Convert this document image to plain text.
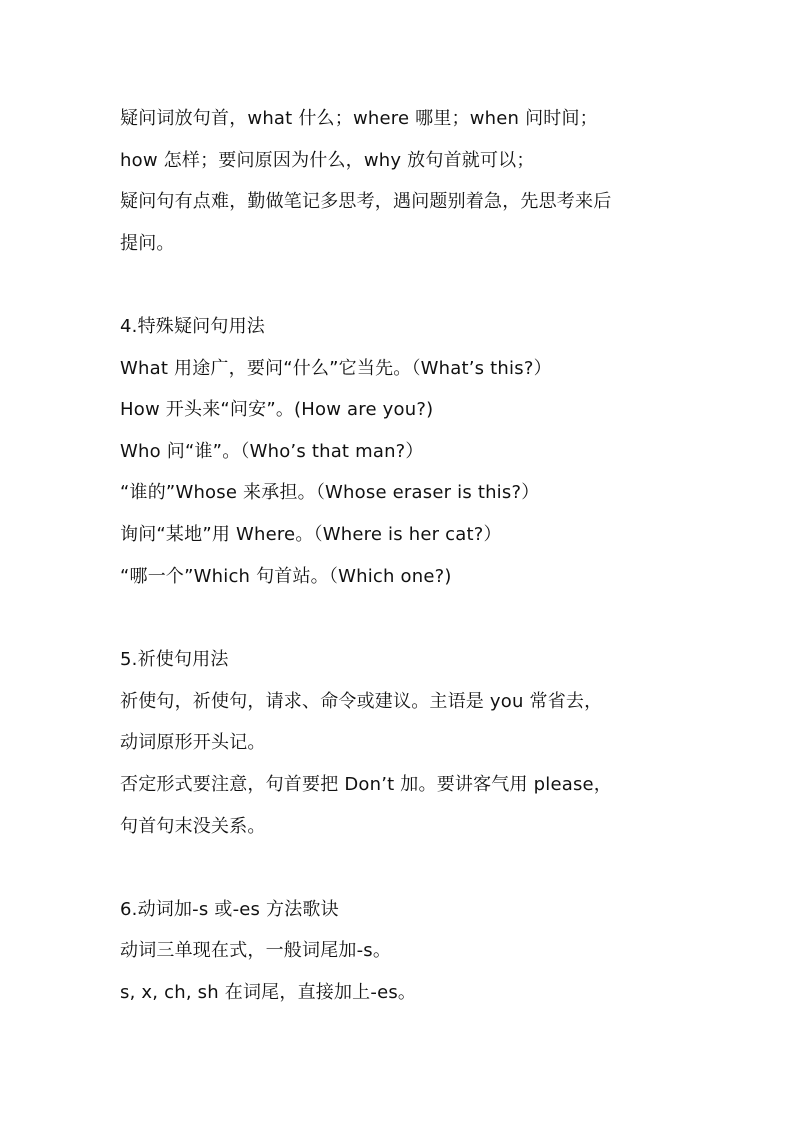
疑问词放句首，what 什么；where 哪里；when 问时间；
how 怎样；要问原因为什么，why 放句首就可以；
疑问句有点难，勤做笔记多思考，遇问题别着急，先思考来后
提问。
4.特殊疑问句用法
What 用途广，要问“什么”它当先。（What’s this?）
How 开头来“问安”。(How are you?)
Who 问“谁”。（Who’s that man?）
“谁的”Whose 来承担。（Whose eraser is this?）
询问“某地”用 Where。（Where is her cat?）
“哪一个”Which 句首站。（Which one?)
5.祈使句用法
祈使句，祈使句，请求、命令或建议。主语是 you 常省去，
动词原形开头记。
否定形式要注意，句首要把 Don’t 加。要讲客气用 please，
句首句末没关系。
6.动词加-s 或-es 方法歌诀
动词三单现在式，一般词尾加-s。
s, x, ch, sh 在词尾，直接加上-es。
